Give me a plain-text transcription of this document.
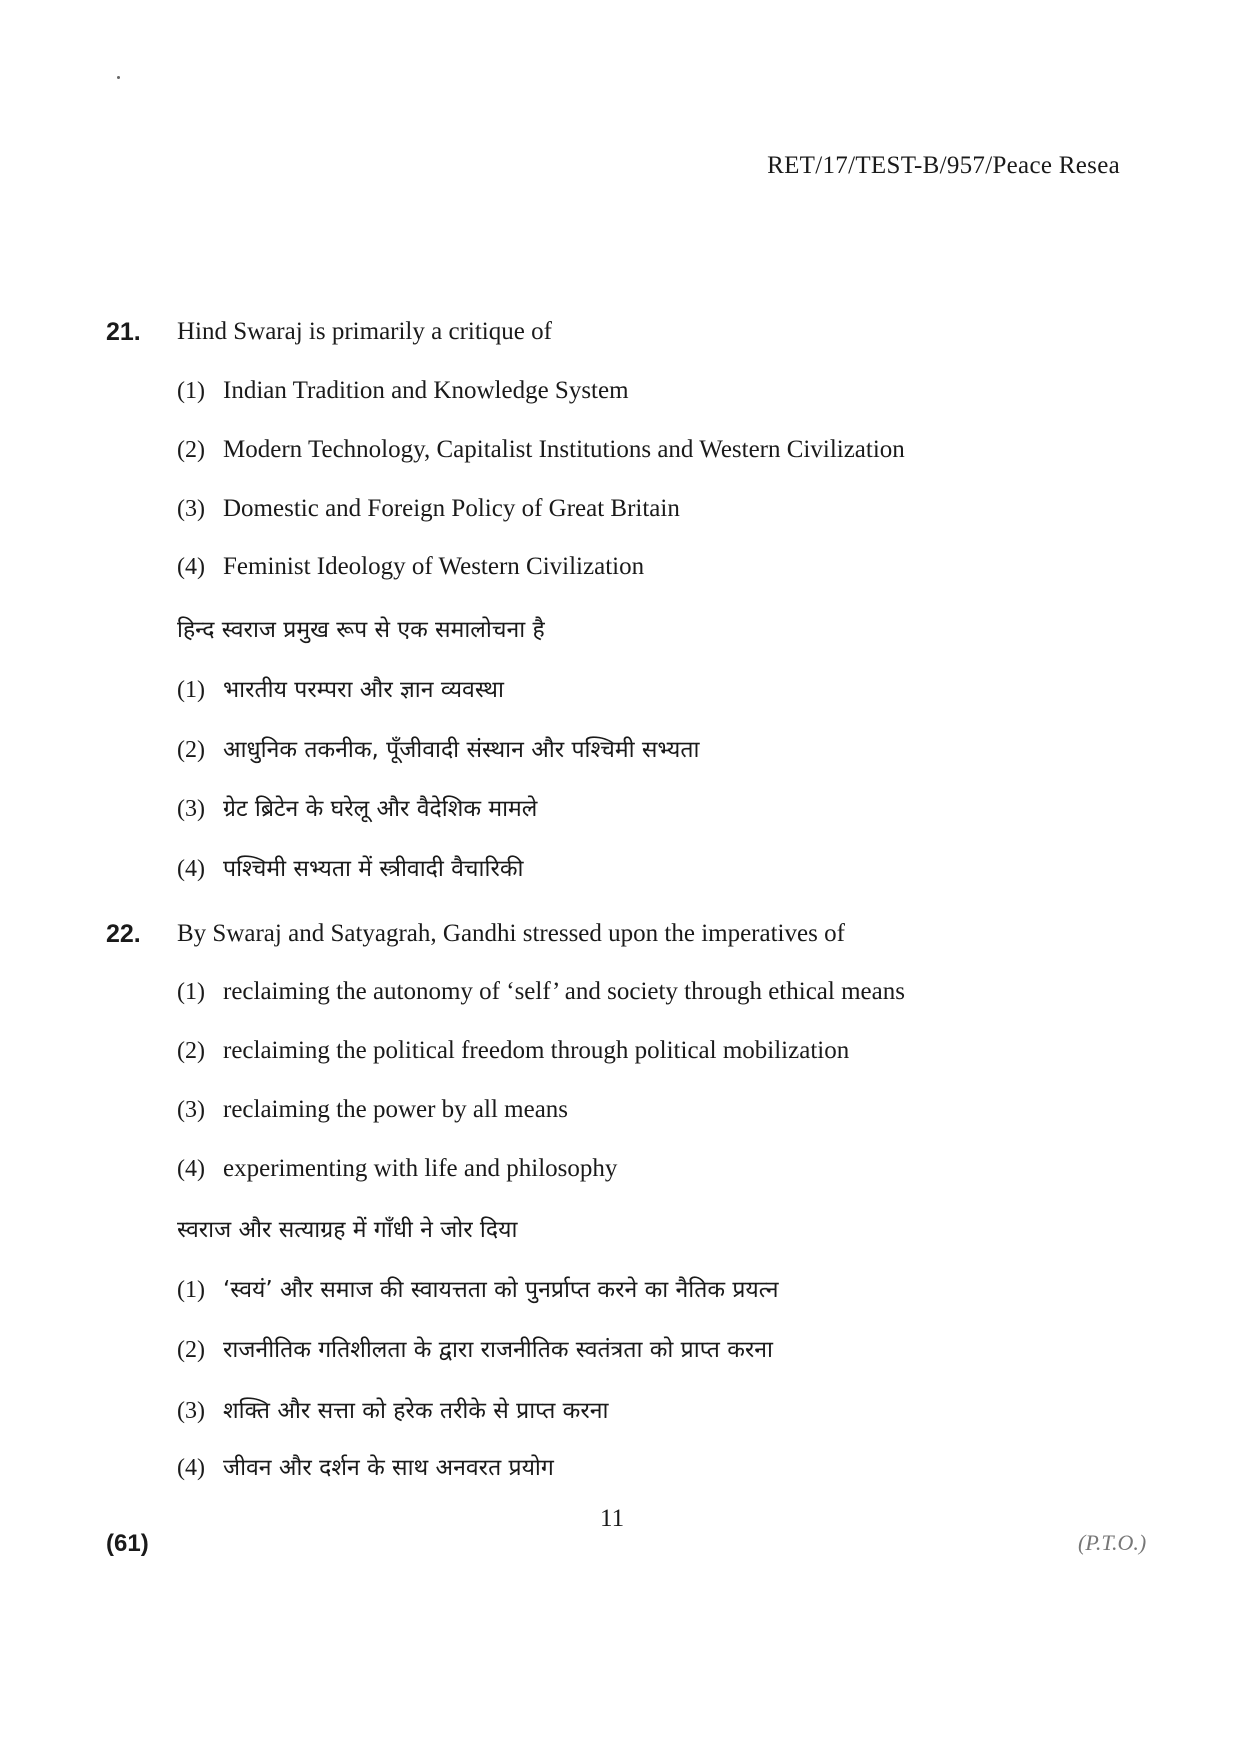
RET/17/TEST-B/957/Peace Resea
21. Hind Swaraj is primarily a critique of
(1) Indian Tradition and Knowledge System
(2) Modern Technology, Capitalist Institutions and Western Civilization
(3) Domestic and Foreign Policy of Great Britain
(4) Feminist Ideology of Western Civilization
हिन्द स्वराज प्रमुख रूप से एक समालोचना है
(1) भारतीय परम्परा और ज्ञान व्यवस्था
(2) आधुनिक तकनीक, पूँजीवादी संस्थान और पश्चिमी सभ्यता
(3) ग्रेट ब्रिटेन के घरेलू और वैदेशिक मामले
(4) पश्चिमी सभ्यता में स्त्रीवादी वैचारिकी
22. By Swaraj and Satyagrah, Gandhi stressed upon the imperatives of
(1) reclaiming the autonomy of ‘self’ and society through ethical means
(2) reclaiming the political freedom through political mobilization
(3) reclaiming the power by all means
(4) experimenting with life and philosophy
स्वराज और सत्याग्रह में गाँधी ने जोर दिया
(1) ‘स्वयं’ और समाज की स्वायत्तता को पुनर्प्राप्त करने का नैतिक प्रयत्न
(2) राजनीतिक गतिशीलता के द्वारा राजनीतिक स्वतंत्रता को प्राप्त करना
(3) शक्ति और सत्ता को हरेक तरीके से प्राप्त करना
(4) जीवन और दर्शन के साथ अनवरत प्रयोग
11
(61)	(P.T.O.)
